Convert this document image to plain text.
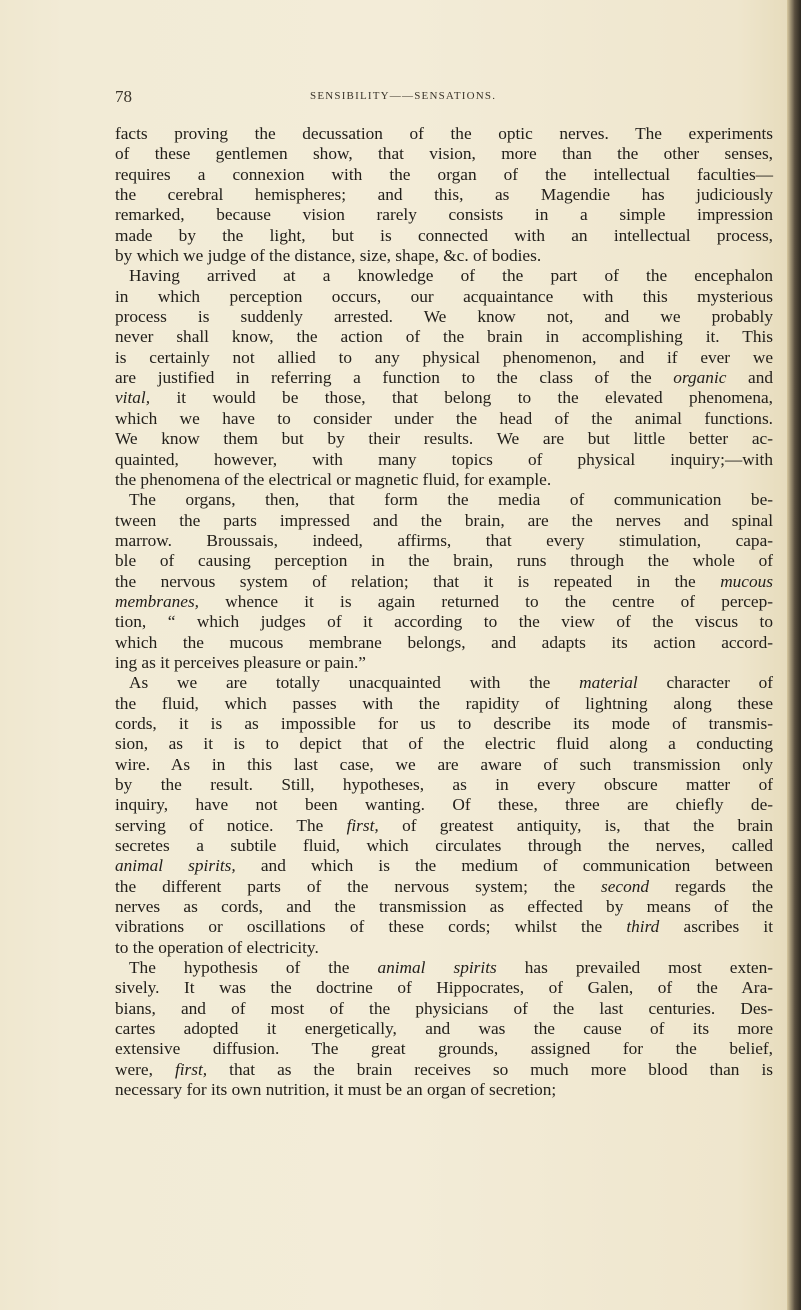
78	SENSIBILITY——SENSATIONS.
facts proving the decussation of the optic nerves. The experiments
of these gentlemen show, that vision, more than the other senses,
requires a connexion with the organ of the intellectual faculties—
the cerebral hemispheres; and this, as Magendie has judiciously
remarked, because vision rarely consists in a simple impression
made by the light, but is connected with an intellectual process,
by which we judge of the distance, size, shape, &c. of bodies.
Having arrived at a knowledge of the part of the encephalon
in which perception occurs, our acquaintance with this mysterious
process is suddenly arrested. We know not, and we probably
never shall know, the action of the brain in accomplishing it. This
is certainly not allied to any physical phenomenon, and if ever we
are justified in referring a function to the class of the organic and
vital, it would be those, that belong to the elevated phenomena,
which we have to consider under the head of the animal functions.
We know them but by their results. We are but little better ac-
quainted, however, with many topics of physical inquiry;—with
the phenomena of the electrical or magnetic fluid, for example.
The organs, then, that form the media of communication be-
tween the parts impressed and the brain, are the nerves and spinal
marrow. Broussais, indeed, affirms, that every stimulation, capa-
ble of causing perception in the brain, runs through the whole of
the nervous system of relation; that it is repeated in the mucous
membranes, whence it is again returned to the centre of percep-
tion, “ which judges of it according to the view of the viscus to
which the mucous membrane belongs, and adapts its action accord-
ing as it perceives pleasure or pain.”
As we are totally unacquainted with the material character of
the fluid, which passes with the rapidity of lightning along these
cords, it is as impossible for us to describe its mode of transmis-
sion, as it is to depict that of the electric fluid along a conducting
wire. As in this last case, we are aware of such transmission only
by the result. Still, hypotheses, as in every obscure matter of
inquiry, have not been wanting. Of these, three are chiefly de-
serving of notice. The first, of greatest antiquity, is, that the brain
secretes a subtile fluid, which circulates through the nerves, called
animal spirits, and which is the medium of communication between
the different parts of the nervous system; the second regards the
nerves as cords, and the transmission as effected by means of the
vibrations or oscillations of these cords; whilst the third ascribes it
to the operation of electricity.
The hypothesis of the animal spirits has prevailed most exten-
sively. It was the doctrine of Hippocrates, of Galen, of the Ara-
bians, and of most of the physicians of the last centuries. Des-
cartes adopted it energetically, and was the cause of its more
extensive diffusion. The great grounds, assigned for the belief,
were, first, that as the brain receives so much more blood than is
necessary for its own nutrition, it must be an organ of secretion;
